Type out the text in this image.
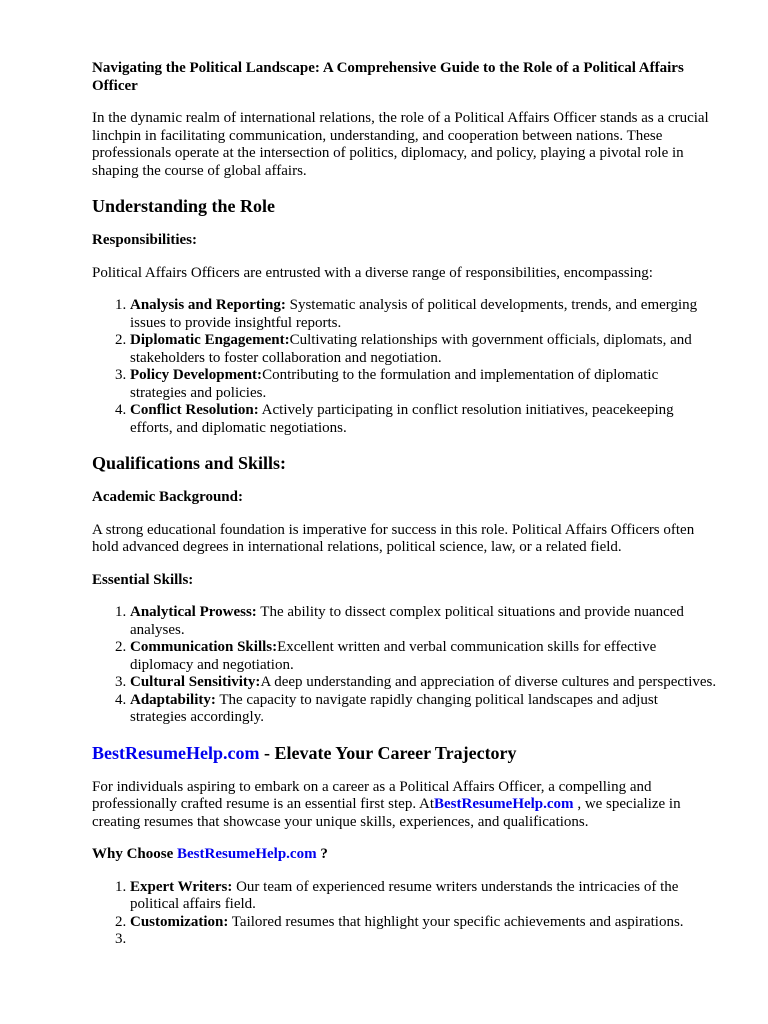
Navigating the Political Landscape: A Comprehensive Guide to the Role of a Political Affairs Officer

In the dynamic realm of international relations, the role of a Political Affairs Officer stands as a crucial linchpin in facilitating communication, understanding, and cooperation between nations. These professionals operate at the intersection of politics, diplomacy, and policy, playing a pivotal role in shaping the course of global affairs.

Understanding the Role
Responsibilities:

Political Affairs Officers are entrusted with a diverse range of responsibilities, encompassing:

1. Analysis and Reporting: Systematic analysis of political developments, trends, and emerging issues to provide insightful reports.
2. Diplomatic Engagement:Cultivating relationships with government officials, diplomats, and stakeholders to foster collaboration and negotiation.
3. Policy Development:Contributing to the formulation and implementation of diplomatic strategies and policies.
4. Conflict Resolution: Actively participating in conflict resolution initiatives, peacekeeping efforts, and diplomatic negotiations.
Qualifications and Skills:
Academic Background:

A strong educational foundation is imperative for success in this role. Political Affairs Officers often hold advanced degrees in international relations, political science, law, or a related field.

Essential Skills:
1. Analytical Prowess: The ability to dissect complex political situations and provide nuanced analyses.
2. Communication Skills:Excellent written and verbal communication skills for effective diplomacy and negotiation.
3. Cultural Sensitivity:A deep understanding and appreciation of diverse cultures and perspectives.
4. Adaptability: The capacity to navigate rapidly changing political landscapes and adjust strategies accordingly.
BestResumeHelp.com - Elevate Your Career Trajectory

For individuals aspiring to embark on a career as a Political Affairs Officer, a compelling and professionally crafted resume is an essential first step. AtBestResumeHelp.com , we specialize in creating resumes that showcase your unique skills, experiences, and qualifications.

Why Choose BestResumeHelp.com ?
1. Expert Writers: Our team of experienced resume writers understands the intricacies of the political affairs field.
2. Customization: Tailored resumes that highlight your specific achievements and aspirations.
3.
